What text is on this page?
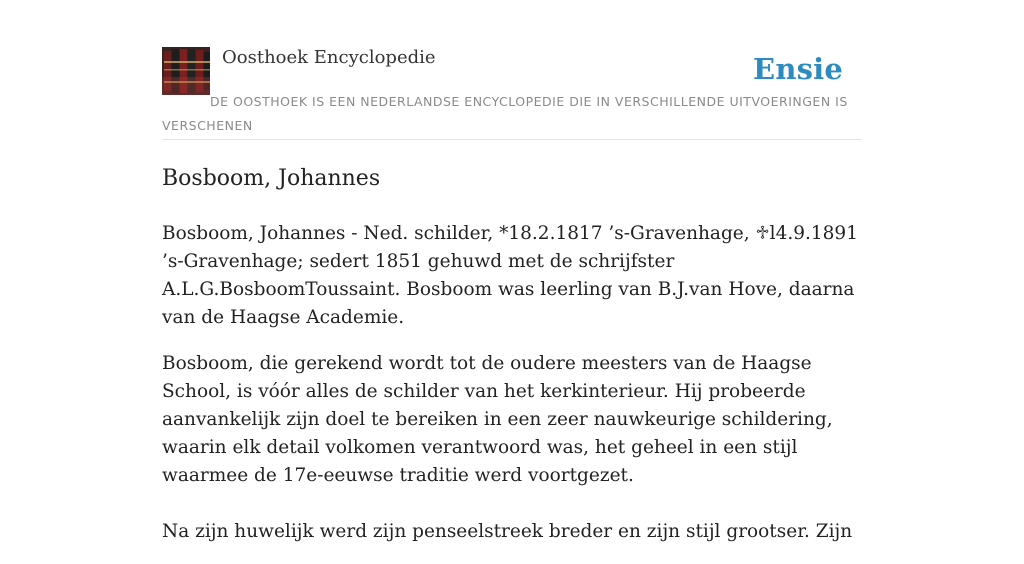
Oosthoek Encyclopedie	Ensie
DE OOSTHOEK IS EEN NEDERLANDSE ENCYCLOPEDIE DIE IN VERSCHILLENDE UITVOERINGEN IS VERSCHENEN
Bosboom, Johannes

Bosboom, Johannes - Ned. schilder, *18.2.1817 ’s-Gravenhage, ♱l4.9.1891 ’s-Gravenhage; sedert 1851 gehuwd met de schrijfster A.L.G.BosboomToussaint. Bosboom was leerling van B.J.van Hove, daarna van de Haagse Academie.

Bosboom, die gerekend wordt tot de oudere meesters van de Haagse School, is vóór alles de schilder van het kerkinterieur. Hij probeerde aanvankelijk zijn doel te bereiken in een zeer nauwkeurige schildering, waarin elk detail volkomen verantwoord was, het geheel in een stijl waarmee de 17e-eeuwse traditie werd voortgezet.

Na zijn huwelijk werd zijn penseelstreek breder en zijn stijl grootser. Zijn
